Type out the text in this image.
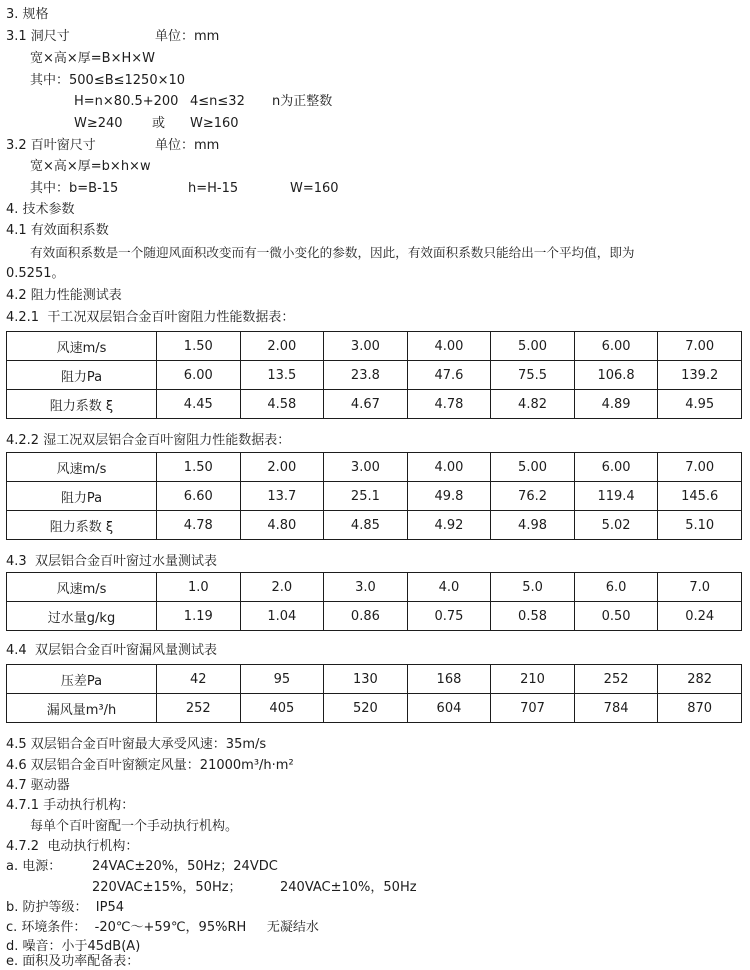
3. 规格
3.1 洞尺寸	单位：mm
宽×高×厚=B×H×W
其中：500≤B≤1250×10
H=n×80.5+200 4≤n≤32 n为正整数
W≥240 或 W≥160
3.2 百叶窗尺寸	单位：mm
宽×高×厚=b×h×w
其中：b=B-15	h=H-15	W=160
4. 技术参数
4.1 有效面积系数
有效面积系数是一个随迎风面积改变而有一微小变化的参数，因此，有效面积系数只能给出一个平均值，即为
0.5251。
4.2 阻力性能测试表
4.2.1  干工况双层铝合金百叶窗阻力性能数据表：
风速m/s	1.50	2.00	3.00	4.00	5.00	6.00	7.00
阻力Pa	6.00	13.5	23.8	47.6	75.5	106.8	139.2
阻力系数 ξ	4.45	4.58	4.67	4.78	4.82	4.89	4.95
4.2.2 湿工况双层铝合金百叶窗阻力性能数据表：
风速m/s	1.50	2.00	3.00	4.00	5.00	6.00	7.00
阻力Pa	6.60	13.7	25.1	49.8	76.2	119.4	145.6
阻力系数 ξ	4.78	4.80	4.85	4.92	4.98	5.02	5.10
4.3  双层铝合金百叶窗过水量测试表
风速m/s	1.0	2.0	3.0	4.0	5.0	6.0	7.0
过水量g/kg	1.19	1.04	0.86	0.75	0.58	0.50	0.24
4.4  双层铝合金百叶窗漏风量测试表
压差Pa	42	95	130	168	210	252	282
漏风量m³/h	252	405	520	604	707	784	870
4.5 双层铝合金百叶窗最大承受风速：35m/s
4.6 双层铝合金百叶窗额定风量：21000m³/h·m²
4.7 驱动器
4.7.1 手动执行机构：
每单个百叶窗配一个手动执行机构。
4.7.2  电动执行机构：
a. 电源： 24VAC±20%，50Hz；24VDC
220VAC±15%，50Hz；	240VAC±10%，50Hz
b. 防护等级：  IP54
c. 环境条件：  -20℃～+59℃，95%RH     无凝结水
d. 噪音：小于45dB(A)
e. 面积及功率配备表：
